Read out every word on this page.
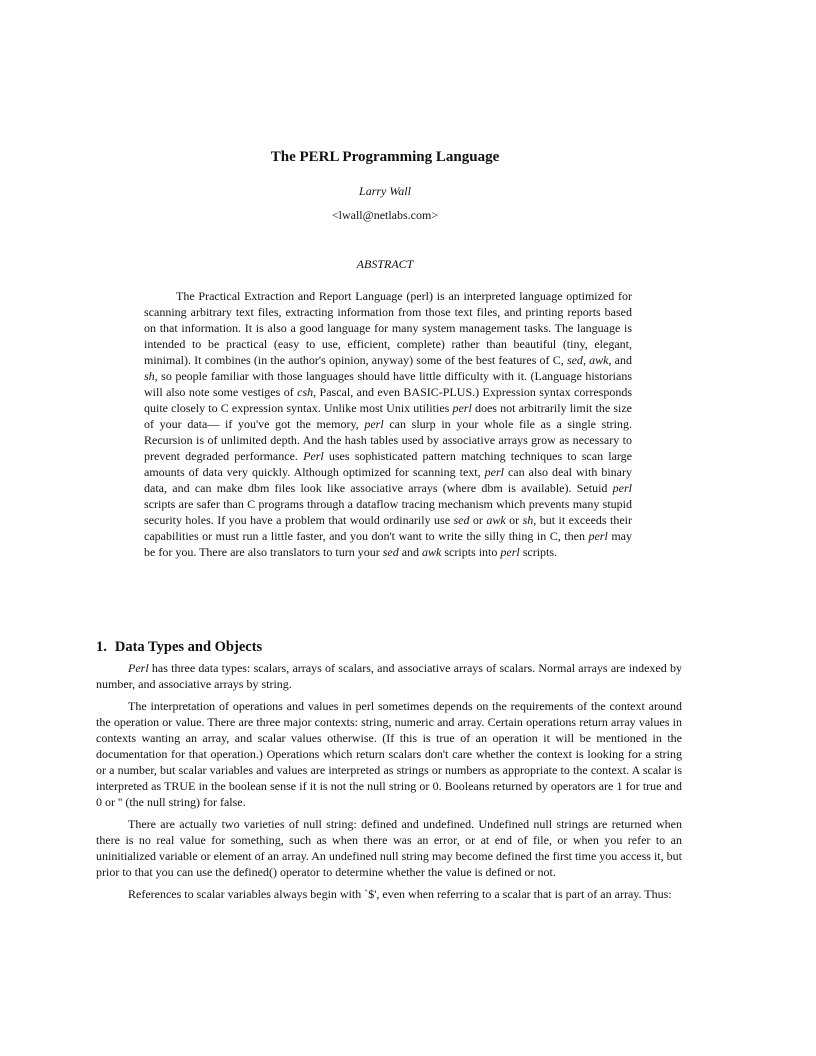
The PERL Programming Language
Larry Wall
<lwall@netlabs.com>
ABSTRACT

The Practical Extraction and Report Language (perl) is an interpreted language optimized for scanning arbitrary text files, extracting information from those text files, and printing reports based on that information. It is also a good language for many system management tasks. The language is intended to be practical (easy to use, efficient, complete) rather than beautiful (tiny, elegant, minimal). It combines (in the author's opinion, anyway) some of the best features of C, sed, awk, and sh, so people familiar with those languages should have little difficulty with it. (Language historians will also note some vestiges of csh, Pascal, and even BASIC-PLUS.) Expression syntax corresponds quite closely to C expression syntax. Unlike most Unix utilities perl does not arbitrarily limit the size of your data— if you've got the memory, perl can slurp in your whole file as a single string. Recursion is of unlimited depth. And the hash tables used by associative arrays grow as necessary to prevent degraded performance. Perl uses sophisticated pattern matching techniques to scan large amounts of data very quickly. Although optimized for scanning text, perl can also deal with binary data, and can make dbm files look like associative arrays (where dbm is available). Setuid perl scripts are safer than C programs through a dataflow tracing mechanism which prevents many stupid security holes. If you have a problem that would ordinarily use sed or awk or sh, but it exceeds their capabilities or must run a little faster, and you don't want to write the silly thing in C, then perl may be for you. There are also translators to turn your sed and awk scripts into perl scripts.

1. Data Types and Objects

Perl has three data types: scalars, arrays of scalars, and associative arrays of scalars. Normal arrays are indexed by number, and associative arrays by string.

The interpretation of operations and values in perl sometimes depends on the requirements of the context around the operation or value. There are three major contexts: string, numeric and array. Certain operations return array values in contexts wanting an array, and scalar values otherwise. (If this is true of an operation it will be mentioned in the documentation for that operation.) Operations which return scalars don't care whether the context is looking for a string or a number, but scalar variables and values are interpreted as strings or numbers as appropriate to the context. A scalar is interpreted as TRUE in the boolean sense if it is not the null string or 0. Booleans returned by operators are 1 for true and 0 or '' (the null string) for false.

There are actually two varieties of null string: defined and undefined. Undefined null strings are returned when there is no real value for something, such as when there was an error, or at end of file, or when you refer to an uninitialized variable or element of an array. An undefined null string may become defined the first time you access it, but prior to that you can use the defined() operator to determine whether the value is defined or not.

References to scalar variables always begin with `$', even when referring to a scalar that is part of an array. Thus:
